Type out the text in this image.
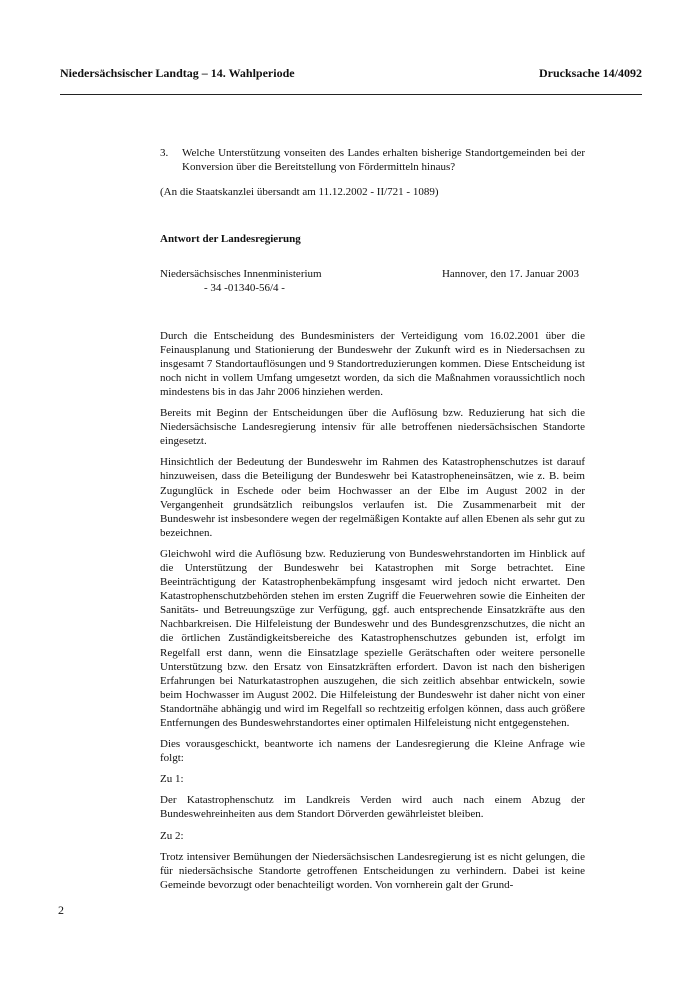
Niedersächsischer Landtag – 14. Wahlperiode	Drucksache 14/4092
3.	Welche Unterstützung vonseiten des Landes erhalten bisherige Standortgemeinden bei der Konversion über die Bereitstellung von Fördermitteln hinaus?

(An die Staatskanzlei übersandt am 11.12.2002 - II/721 - 1089)

Antwort der Landesregierung

Niedersächsisches Innenministerium
- 34 -01340-56/4 -
Hannover, den 17. Januar 2003

Durch die Entscheidung des Bundesministers der Verteidigung vom 16.02.2001 über die Feinausplanung und Stationierung der Bundeswehr der Zukunft wird es in Niedersachsen zu insgesamt 7 Standortauflösungen und 9 Standortreduzierungen kommen. Diese Entscheidung ist noch nicht in vollem Umfang umgesetzt worden, da sich die Maßnahmen voraussichtlich noch mindestens bis in das Jahr 2006 hinziehen werden.

Bereits mit Beginn der Entscheidungen über die Auflösung bzw. Reduzierung hat sich die Niedersächsische Landesregierung intensiv für alle betroffenen niedersächsischen Standorte eingesetzt.

Hinsichtlich der Bedeutung der Bundeswehr im Rahmen des Katastrophenschutzes ist darauf hinzuweisen, dass die Beteiligung der Bundeswehr bei Katastropheneinsätzen, wie z. B. beim Zugunglück in Eschede oder beim Hochwasser an der Elbe im August 2002 in der Vergangenheit grundsätzlich reibungslos verlaufen ist. Die Zusammenarbeit mit der Bundeswehr ist insbesondere wegen der regelmäßigen Kontakte auf allen Ebenen als sehr gut zu bezeichnen.

Gleichwohl wird die Auflösung bzw. Reduzierung von Bundeswehrstandorten im Hinblick auf die Unterstützung der Bundeswehr bei Katastrophen mit Sorge betrachtet. Eine Beeinträchtigung der Katastrophenbekämpfung insgesamt wird jedoch nicht erwartet. Den Katastrophenschutzbehörden stehen im ersten Zugriff die Feuerwehren sowie die Einheiten der Sanitäts- und Betreuungszüge zur Verfügung, ggf. auch entsprechende Einsatzkräfte aus den Nachbarkreisen. Die Hilfeleistung der Bundeswehr und des Bundesgrenzschutzes, die nicht an die örtlichen Zuständigkeitsbereiche des Katastrophenschutzes gebunden ist, erfolgt im Regelfall erst dann, wenn die Einsatzlage spezielle Gerätschaften oder weitere personelle Unterstützung bzw. den Ersatz von Einsatzkräften erfordert. Davon ist nach den bisherigen Erfahrungen bei Naturkatastrophen auszugehen, die sich zeitlich absehbar entwickeln, sowie beim Hochwasser im August 2002. Die Hilfeleistung der Bundeswehr ist daher nicht von einer Standortnähe abhängig und wird im Regelfall so rechtzeitig erfolgen können, dass auch größere Entfernungen des Bundeswehrstandortes einer optimalen Hilfeleistung nicht entgegenstehen.

Dies vorausgeschickt, beantworte ich namens der Landesregierung die Kleine Anfrage wie folgt:

Zu 1:

Der Katastrophenschutz im Landkreis Verden wird auch nach einem Abzug der Bundeswehreinheiten aus dem Standort Dörverden gewährleistet bleiben.

Zu 2:

Trotz intensiver Bemühungen der Niedersächsischen Landesregierung ist es nicht gelungen, die für niedersächsische Standorte getroffenen Entscheidungen zu verhindern. Dabei ist keine Gemeinde bevorzugt oder benachteiligt worden. Von vornherein galt der Grund-

2
